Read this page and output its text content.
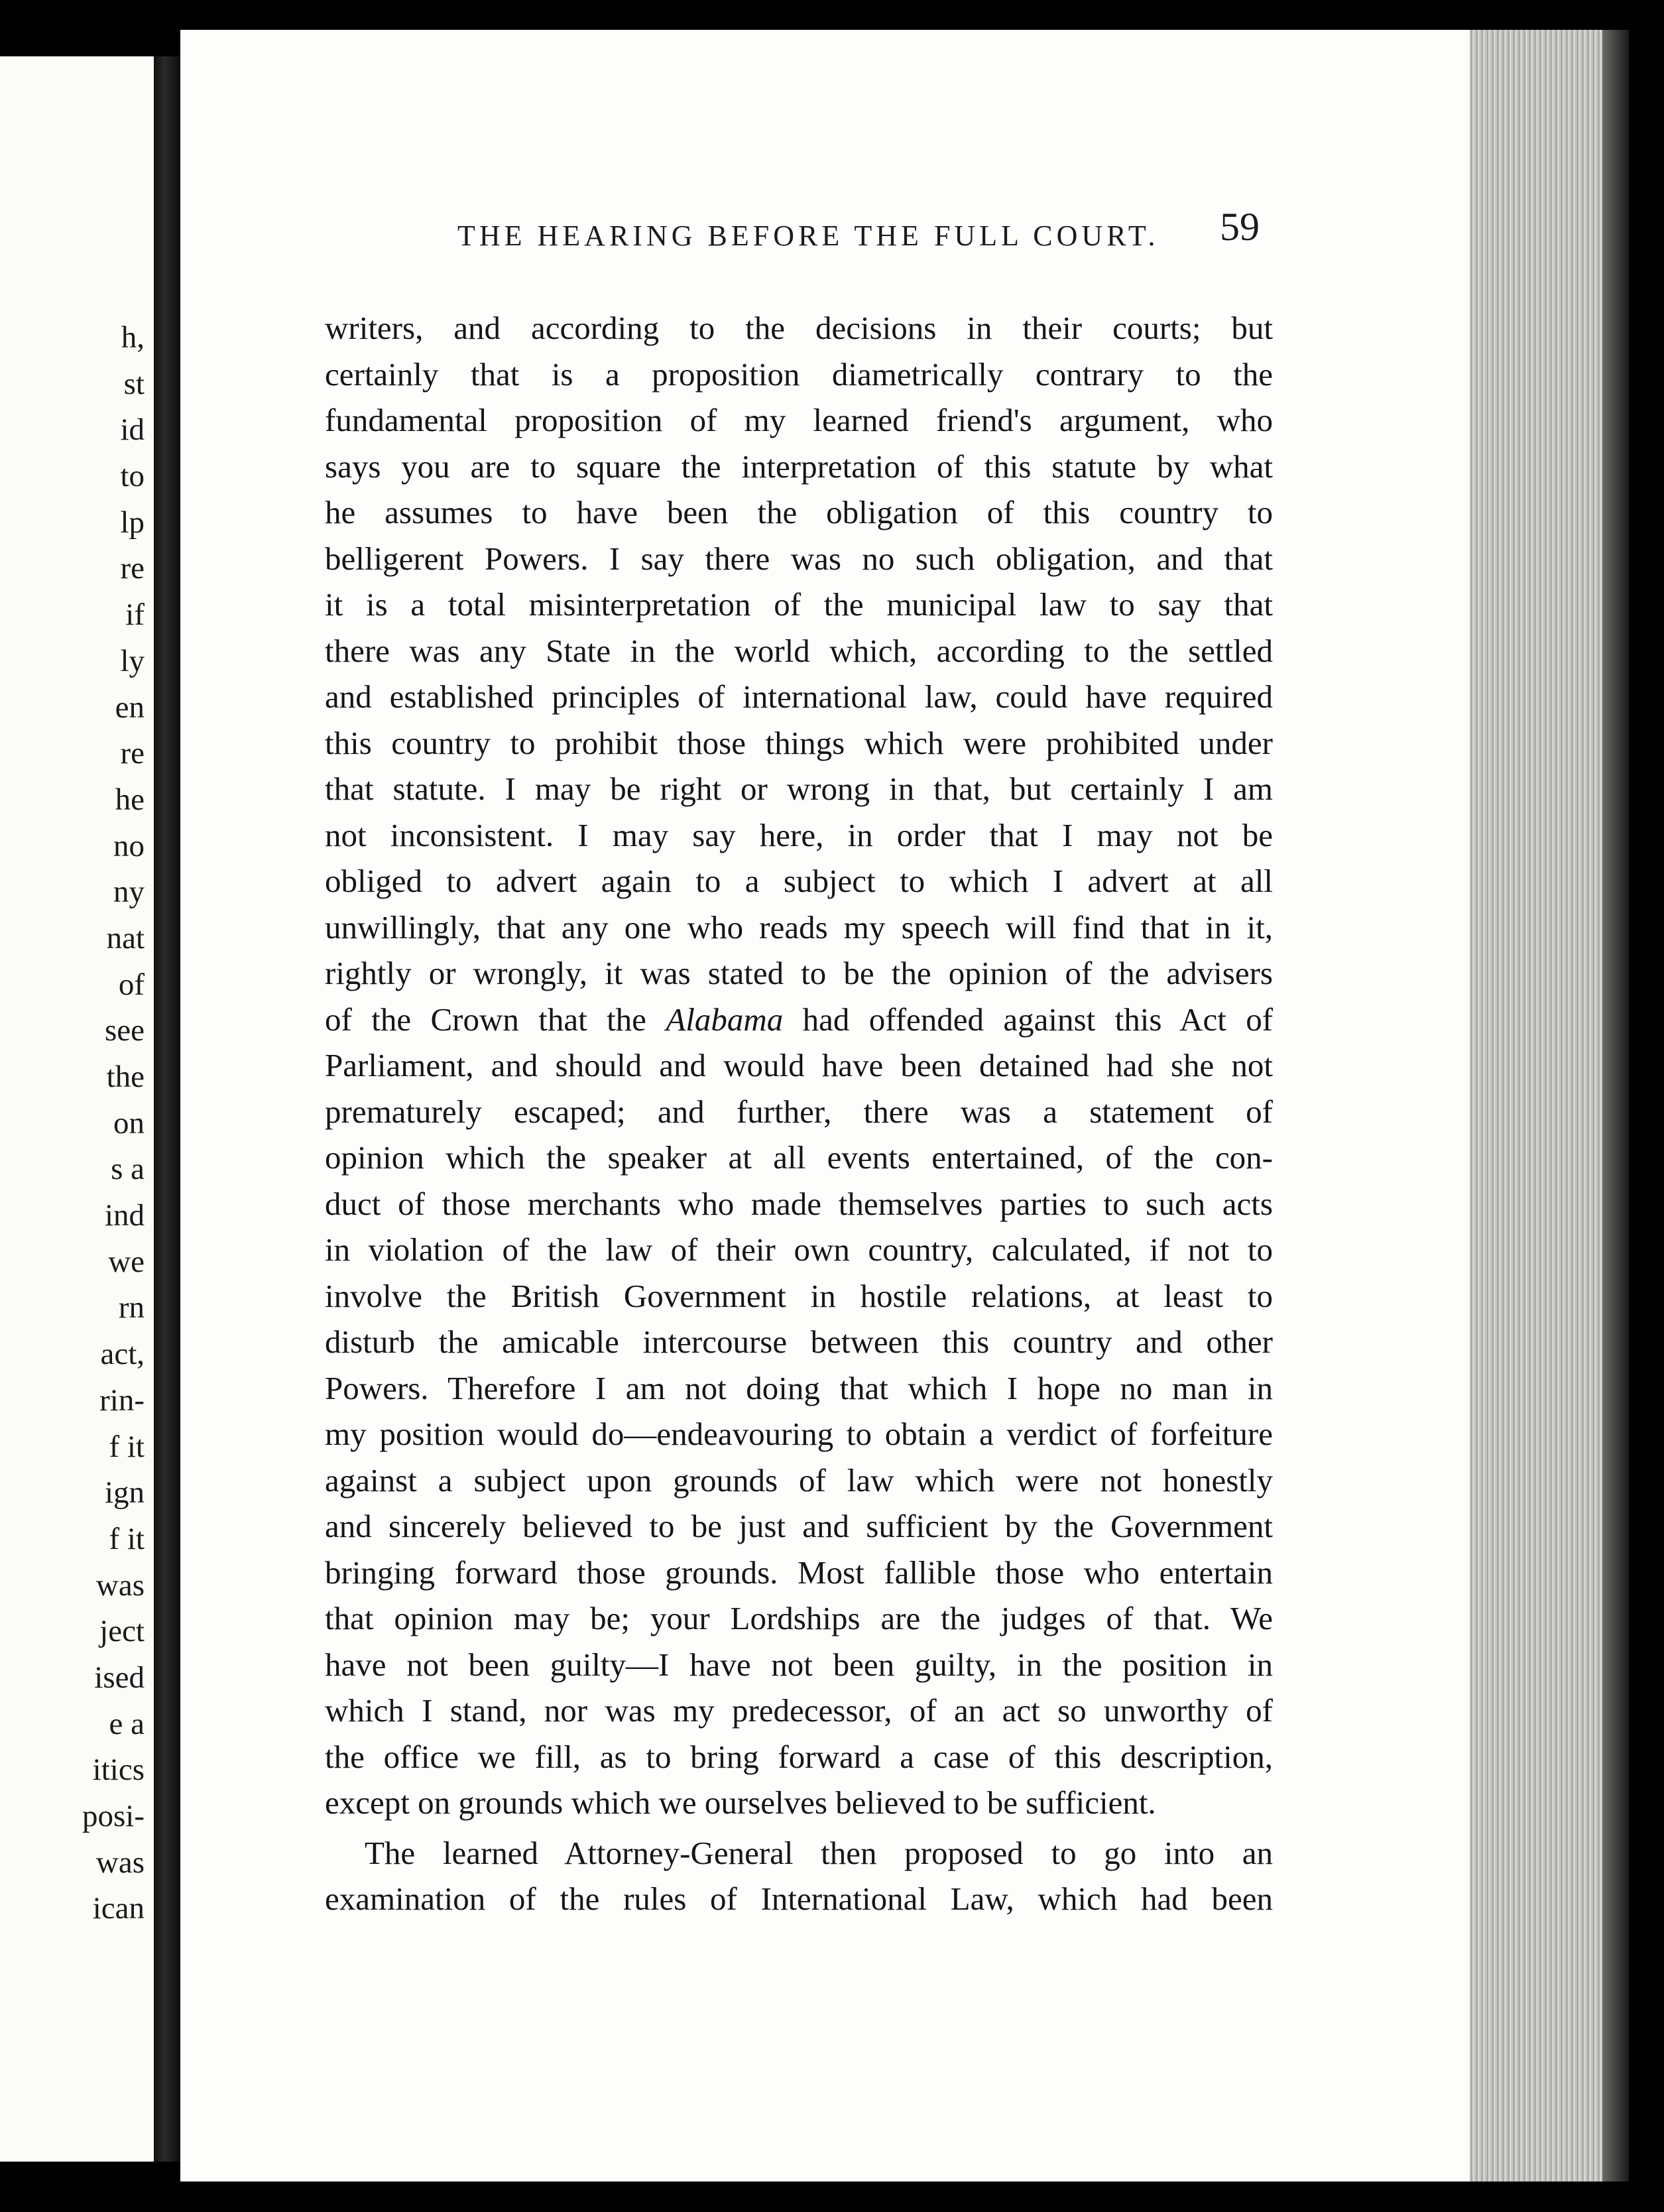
h,
st
id
to
lp
re
if
ly
en
re
he
no
ny
nat
of
see
the
on
s a
ind
we
rn
act,
rin-
f it
ign
f it
was
ject
ised
e a
itics
posi-
was
ican
THE HEARING BEFORE THE FULL COURT. 59
writers, and according to the decisions in their courts; but
certainly that is a proposition diametrically contrary to the
fundamental proposition of my learned friend's argument, who
says you are to square the interpretation of this statute by what
he assumes to have been the obligation of this country to
belligerent Powers. I say there was no such obligation, and that
it is a total misinterpretation of the municipal law to say that
there was any State in the world which, according to the settled
and established principles of international law, could have required
this country to prohibit those things which were prohibited under
that statute. I may be right or wrong in that, but certainly I am
not inconsistent. I may say here, in order that I may not be
obliged to advert again to a subject to which I advert at all
unwillingly, that any one who reads my speech will find that in it,
rightly or wrongly, it was stated to be the opinion of the advisers
of the Crown that the Alabama had offended against this Act of
Parliament, and should and would have been detained had she not
prematurely escaped; and further, there was a statement of
opinion which the speaker at all events entertained, of the con-
duct of those merchants who made themselves parties to such acts
in violation of the law of their own country, calculated, if not to
involve the British Government in hostile relations, at least to
disturb the amicable intercourse between this country and other
Powers. Therefore I am not doing that which I hope no man in
my position would do—endeavouring to obtain a verdict of forfeiture
against a subject upon grounds of law which were not honestly
and sincerely believed to be just and sufficient by the Government
bringing forward those grounds. Most fallible those who entertain
that opinion may be; your Lordships are the judges of that. We
have not been guilty—I have not been guilty, in the position in
which I stand, nor was my predecessor, of an act so unworthy of
the office we fill, as to bring forward a case of this description,
except on grounds which we ourselves believed to be sufficient.
The learned Attorney-General then proposed to go into an
examination of the rules of International Law, which had been
